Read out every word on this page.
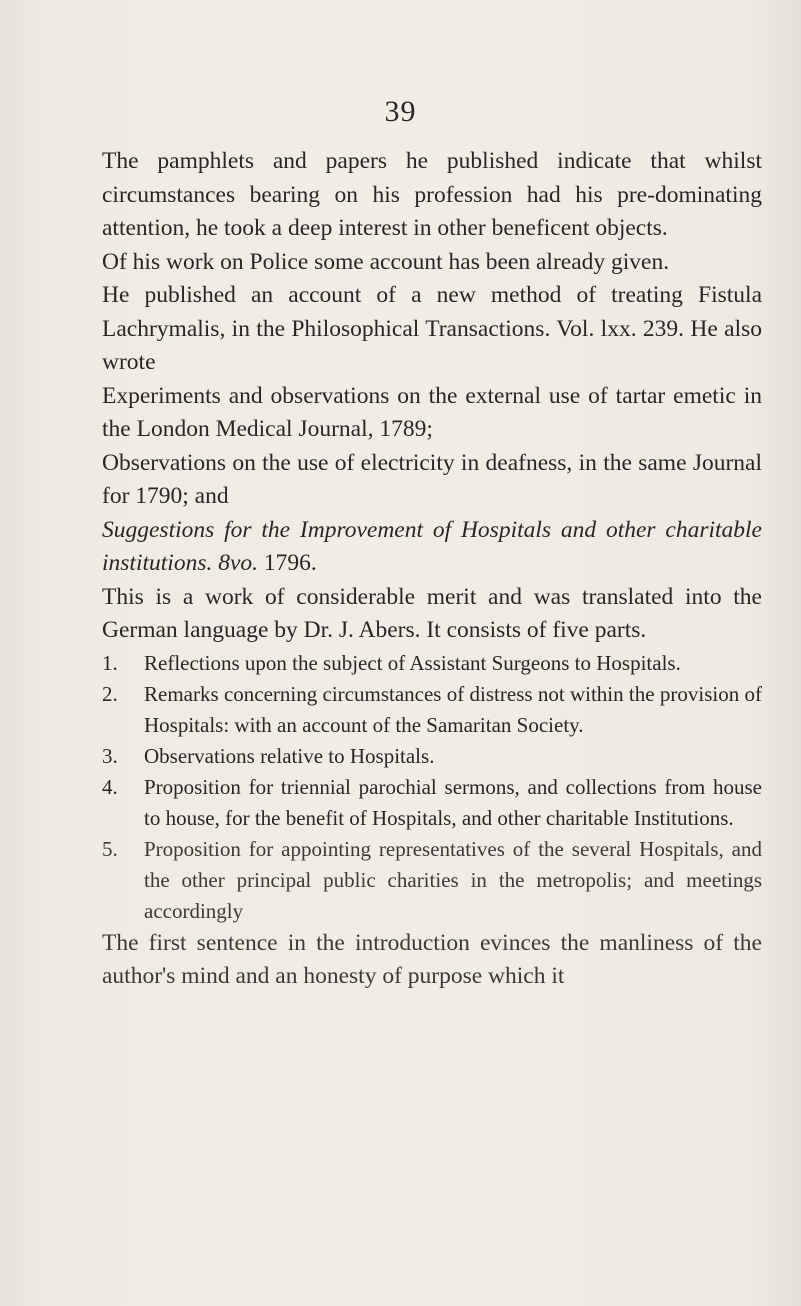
39

The pamphlets and papers he published indicate that whilst circumstances bearing on his profession had his pre-dominating attention, he took a deep interest in other beneficent objects.

Of his work on Police some account has been already given.

He published an account of a new method of treating Fistula Lachrymalis, in the Philosophical Transactions. Vol. lxx. 239. He also wrote

Experiments and observations on the external use of tartar emetic in the London Medical Journal, 1789;

Observations on the use of electricity in deafness, in the same Journal for 1790; and

Suggestions for the Improvement of Hospitals and other charitable institutions. 8vo. 1796.

This is a work of considerable merit and was translated into the German language by Dr. J. Abers. It consists of five parts.

1. Reflections upon the subject of Assistant Surgeons to Hospitals.
2. Remarks concerning circumstances of distress not within the provision of Hospitals: with an account of the Samaritan Society.
3. Observations relative to Hospitals.
4. Proposition for triennial parochial sermons, and collections from house to house, for the benefit of Hospitals, and other charitable Institutions.
5. Proposition for appointing representatives of the several Hospitals, and the other principal public charities in the metropolis; and meetings accordingly

The first sentence in the introduction evinces the manliness of the author's mind and an honesty of purpose which it
